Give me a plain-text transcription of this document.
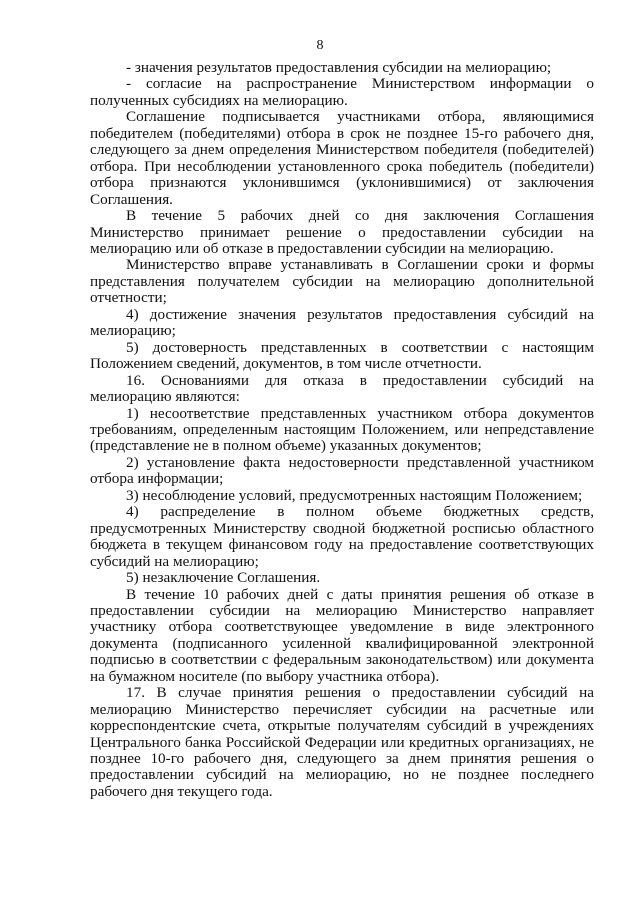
8

- значения результатов предоставления субсидии на мелиорацию;

- согласие на распространение Министерством информации о полученных субсидиях на мелиорацию.

Соглашение подписывается участниками отбора, являющимися победителем (победителями) отбора в срок не позднее 15-го рабочего дня, следующего за днем определения Министерством победителя (победителей) отбора. При несоблюдении установленного срока победитель (победители) отбора признаются уклонившимся (уклонившимися) от заключения Соглашения.

В течение 5 рабочих дней со дня заключения Соглашения Министерство принимает решение о предоставлении субсидии на мелиорацию или об отказе в предоставлении субсидии на мелиорацию.

Министерство вправе устанавливать в Соглашении сроки и формы представления получателем субсидии на мелиорацию дополнительной отчетности;

4) достижение значения результатов предоставления субсидий на мелиорацию;

5) достоверность представленных в соответствии с настоящим Положением сведений, документов, в том числе отчетности.

16. Основаниями для отказа в предоставлении субсидий на мелиорацию являются:

1) несоответствие представленных участником отбора документов требованиям, определенным настоящим Положением, или непредставление (представление не в полном объеме) указанных документов;

2) установление факта недостоверности представленной участником отбора информации;

3) несоблюдение условий, предусмотренных настоящим Положением;

4) распределение в полном объеме бюджетных средств, предусмотренных Министерству сводной бюджетной росписью областного бюджета в текущем финансовом году на предоставление соответствующих субсидий на мелиорацию;

5) незаключение Соглашения.

В течение 10 рабочих дней с даты принятия решения об отказе в предоставлении субсидии на мелиорацию Министерство направляет участнику отбора соответствующее уведомление в виде электронного документа (подписанного усиленной квалифицированной электронной подписью в соответствии с федеральным законодательством) или документа на бумажном носителе (по выбору участника отбора).

17. В случае принятия решения о предоставлении субсидий на мелиорацию Министерство перечисляет субсидии на расчетные или корреспондентские счета, открытые получателям субсидий в учреждениях Центрального банка Российской Федерации или кредитных организациях, не позднее 10-го рабочего дня, следующего за днем принятия решения о предоставлении субсидий на мелиорацию, но не позднее последнего рабочего дня текущего года.
